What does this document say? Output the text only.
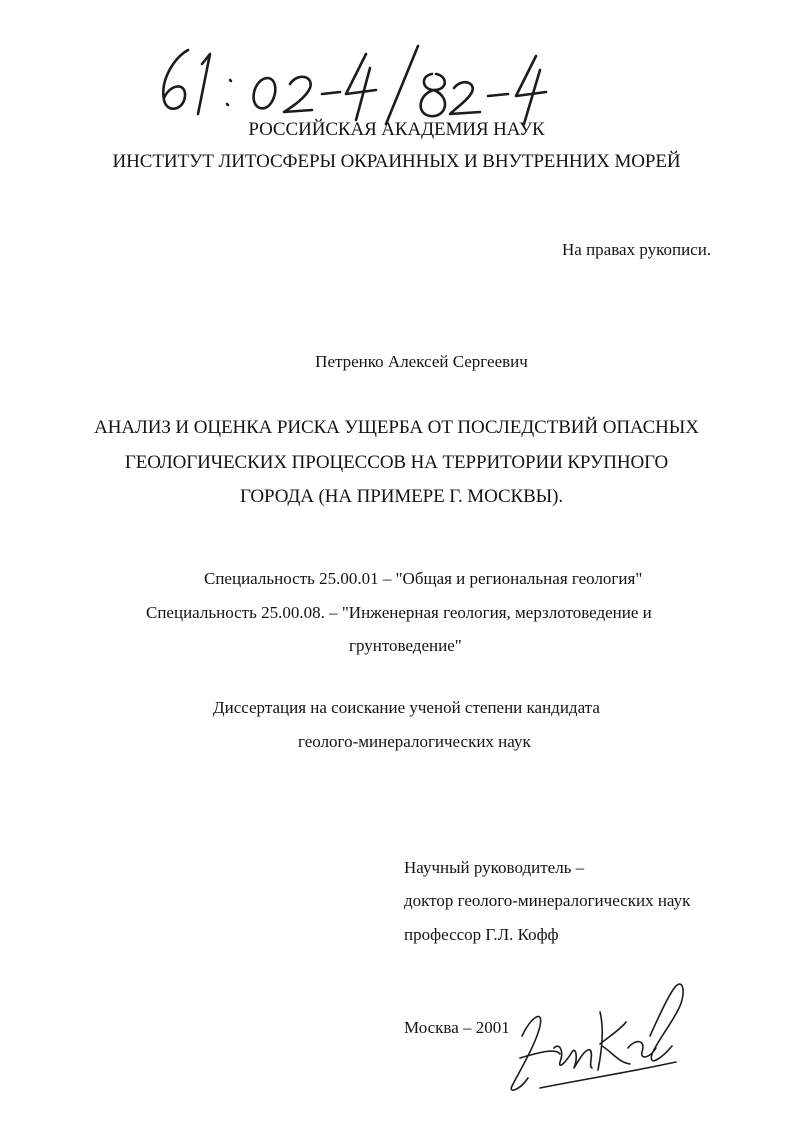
РОССИЙСКАЯ АКАДЕМИЯ НАУК
ИНСТИТУТ ЛИТОСФЕРЫ ОКРАИННЫХ И ВНУТРЕННИХ МОРЕЙ
На правах рукописи.
Петренко Алексей Сергеевич
АНАЛИЗ И ОЦЕНКА РИСКА УЩЕРБА ОТ ПОСЛЕДСТВИЙ ОПАСНЫХ
ГЕОЛОГИЧЕСКИХ ПРОЦЕССОВ НА ТЕРРИТОРИИ КРУПНОГО
ГОРОДА (НА ПРИМЕРЕ Г. МОСКВЫ).
Специальность 25.00.01 – "Общая и региональная геология"
Специальность 25.00.08. – "Инженерная геология, мерзлотоведение и
грунтоведение"
Диссертация на соискание ученой степени кандидата
геолого-минералогических наук
Научный руководитель –
доктор геолого-минералогических наук
профессор Г.Л. Кофф
Москва – 2001
